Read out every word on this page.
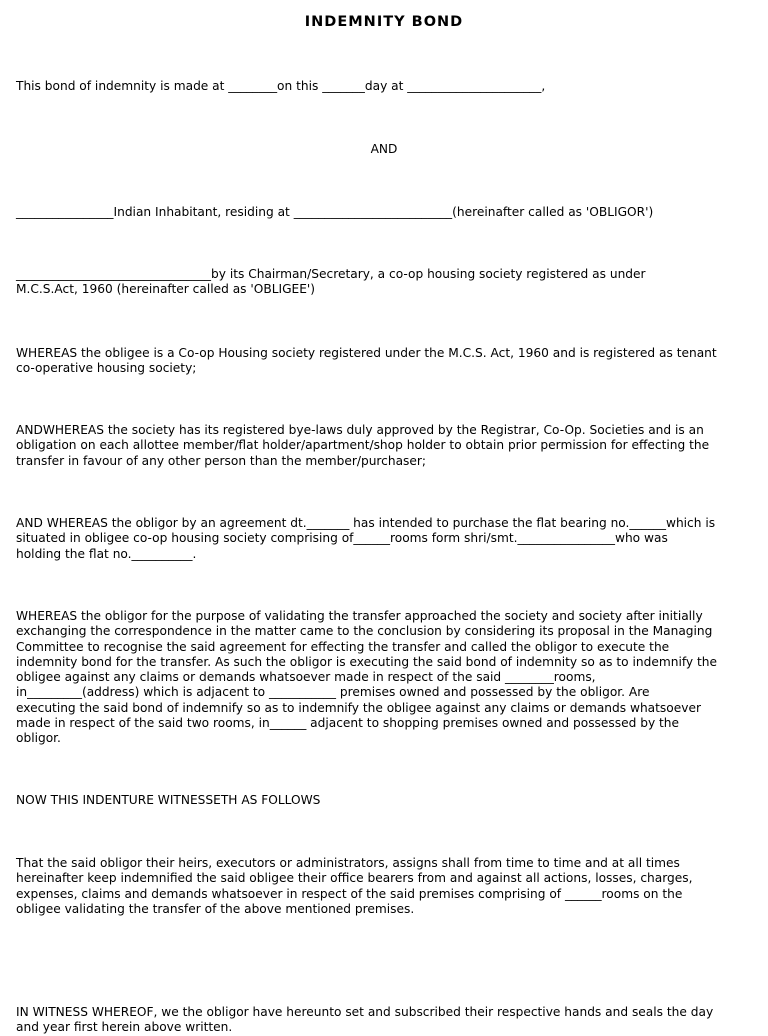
INDEMNITY BOND

This bond of indemnity is made at ________on this _______day at ______________________,

AND

________________Indian Inhabitant, residing at __________________________(hereinafter called as 'OBLIGOR')

________________________________by its Chairman/Secretary, a co-op housing society registered as under
M.C.S.Act, 1960 (hereinafter called as 'OBLIGEE')

WHEREAS the obligee is a Co-op Housing society registered under the M.C.S. Act, 1960 and is registered as tenant
co-operative housing society;

ANDWHEREAS the society has its registered bye-laws duly approved by the Registrar, Co-Op. Societies and is an
obligation on each allottee member/flat holder/apartment/shop holder to obtain prior permission for effecting the
transfer in favour of any other person than the member/purchaser;

AND WHEREAS the obligor by an agreement dt._______ has intended to purchase the flat bearing no.______which is
situated in obligee co-op housing society comprising of______rooms form shri/smt.________________who was
holding the flat no.__________.

WHEREAS the obligor for the purpose of validating the transfer approached the society and society after initially
exchanging the correspondence in the matter came to the conclusion by considering its proposal in the Managing
Committee to recognise the said agreement for effecting the transfer and called the obligor to execute the
indemnity bond for the transfer. As such the obligor is executing the said bond of indemnity so as to indemnify the
obligee against any claims or demands whatsoever made in respect of the said ________rooms,
in_________(address) which is adjacent to ___________ premises owned and possessed by the obligor. Are
executing the said bond of indemnify so as to indemnify the obligee against any claims or demands whatsoever
made in respect of the said two rooms, in______ adjacent to shopping premises owned and possessed by the
obligor.

NOW THIS INDENTURE WITNESSETH AS FOLLOWS

That the said obligor their heirs, executors or administrators, assigns shall from time to time and at all times
hereinafter keep indemnified the said obligee their office bearers from and against all actions, losses, charges,
expenses, claims and demands whatsoever in respect of the said premises comprising of ______rooms on the
obligee validating the transfer of the above mentioned premises.

IN WITNESS WHEREOF, we the obligor have hereunto set and subscribed their respective hands and seals the day
and year first herein above written.
